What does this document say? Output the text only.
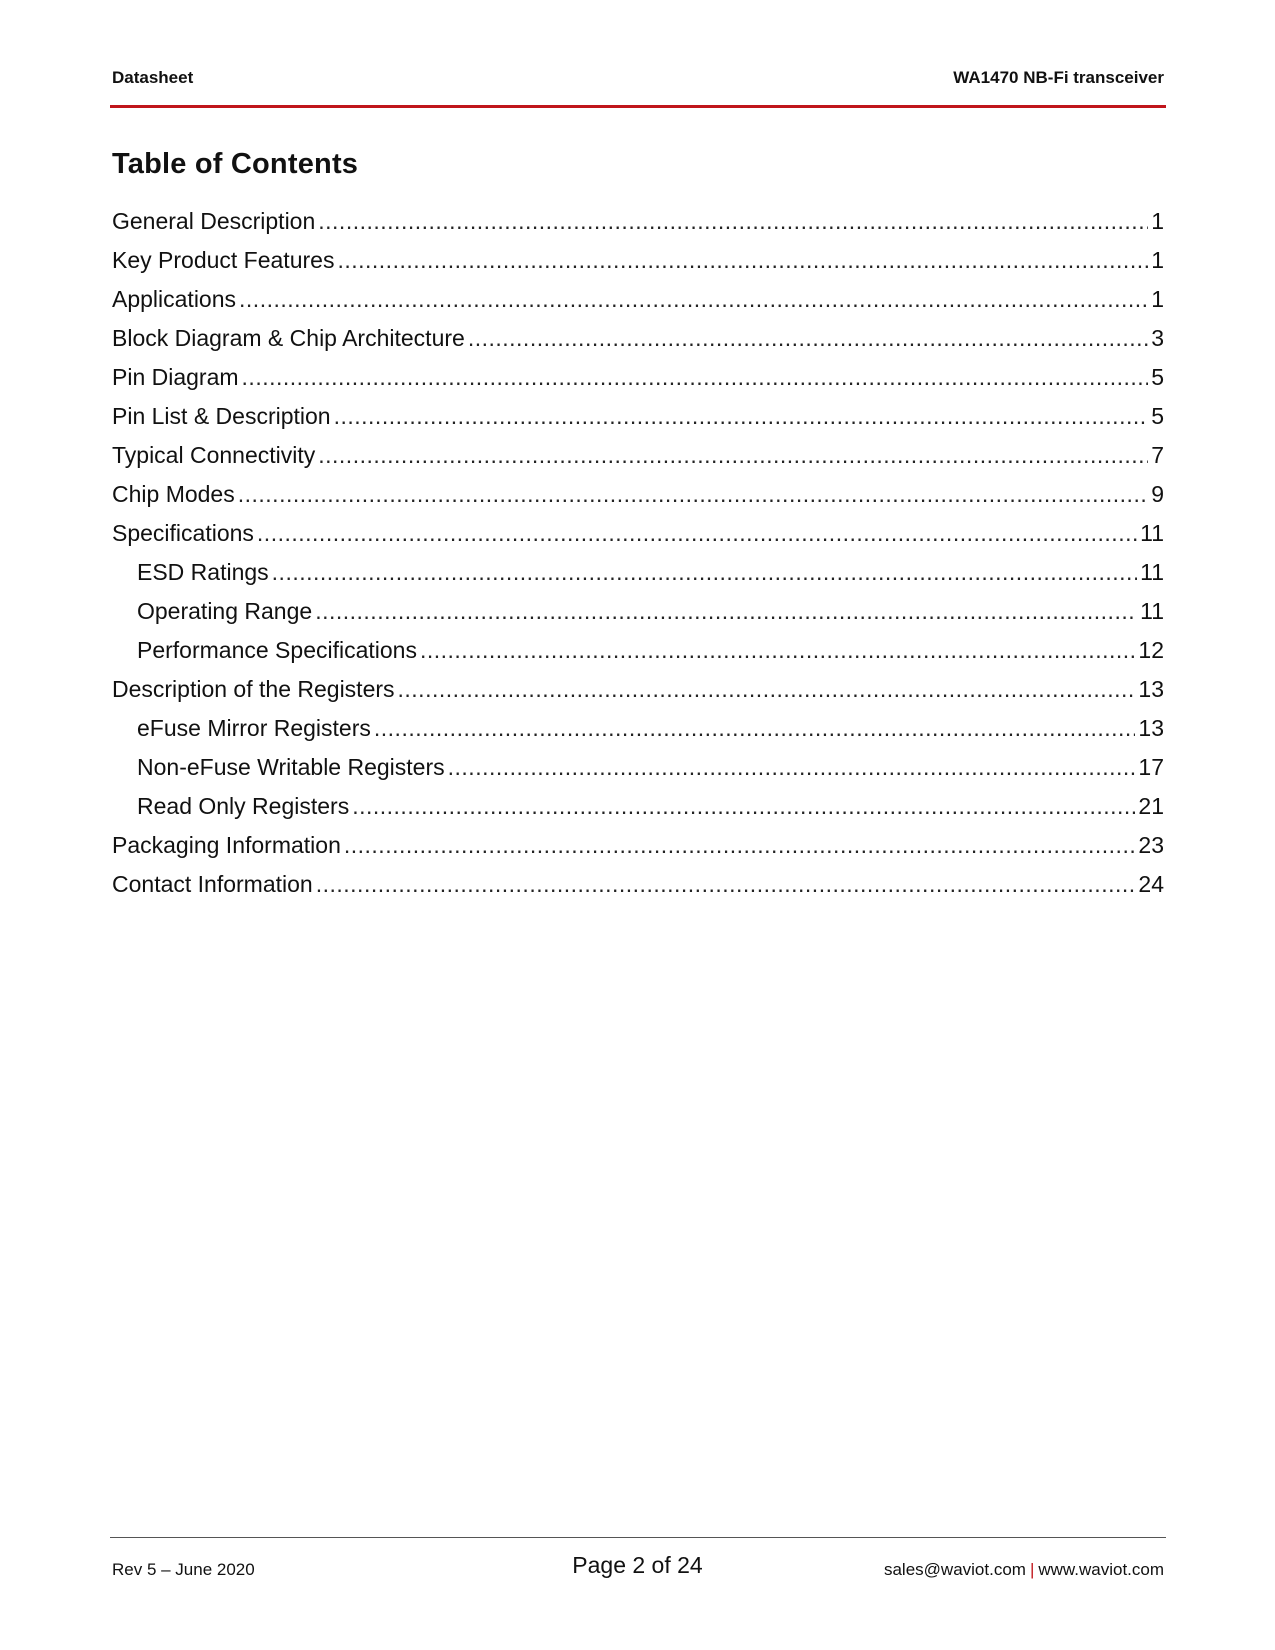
Datasheet	WA1470 NB-Fi transceiver
Table of Contents
General Description .....	1
Key Product Features .....	1
Applications .....	1
Block Diagram & Chip Architecture .....	3
Pin Diagram .....	5
Pin List & Description .....	5
Typical Connectivity .....	7
Chip Modes .....	9
Specifications .....	11
ESD Ratings .....	11
Operating Range .....	11
Performance Specifications .....	12
Description of the Registers .....	13
eFuse Mirror Registers .....	13
Non-eFuse Writable Registers .....	17
Read Only Registers .....	21
Packaging Information .....	23
Contact Information .....	24
Rev 5 – June 2020	Page 2 of 24	sales@waviot.com | www.waviot.com
